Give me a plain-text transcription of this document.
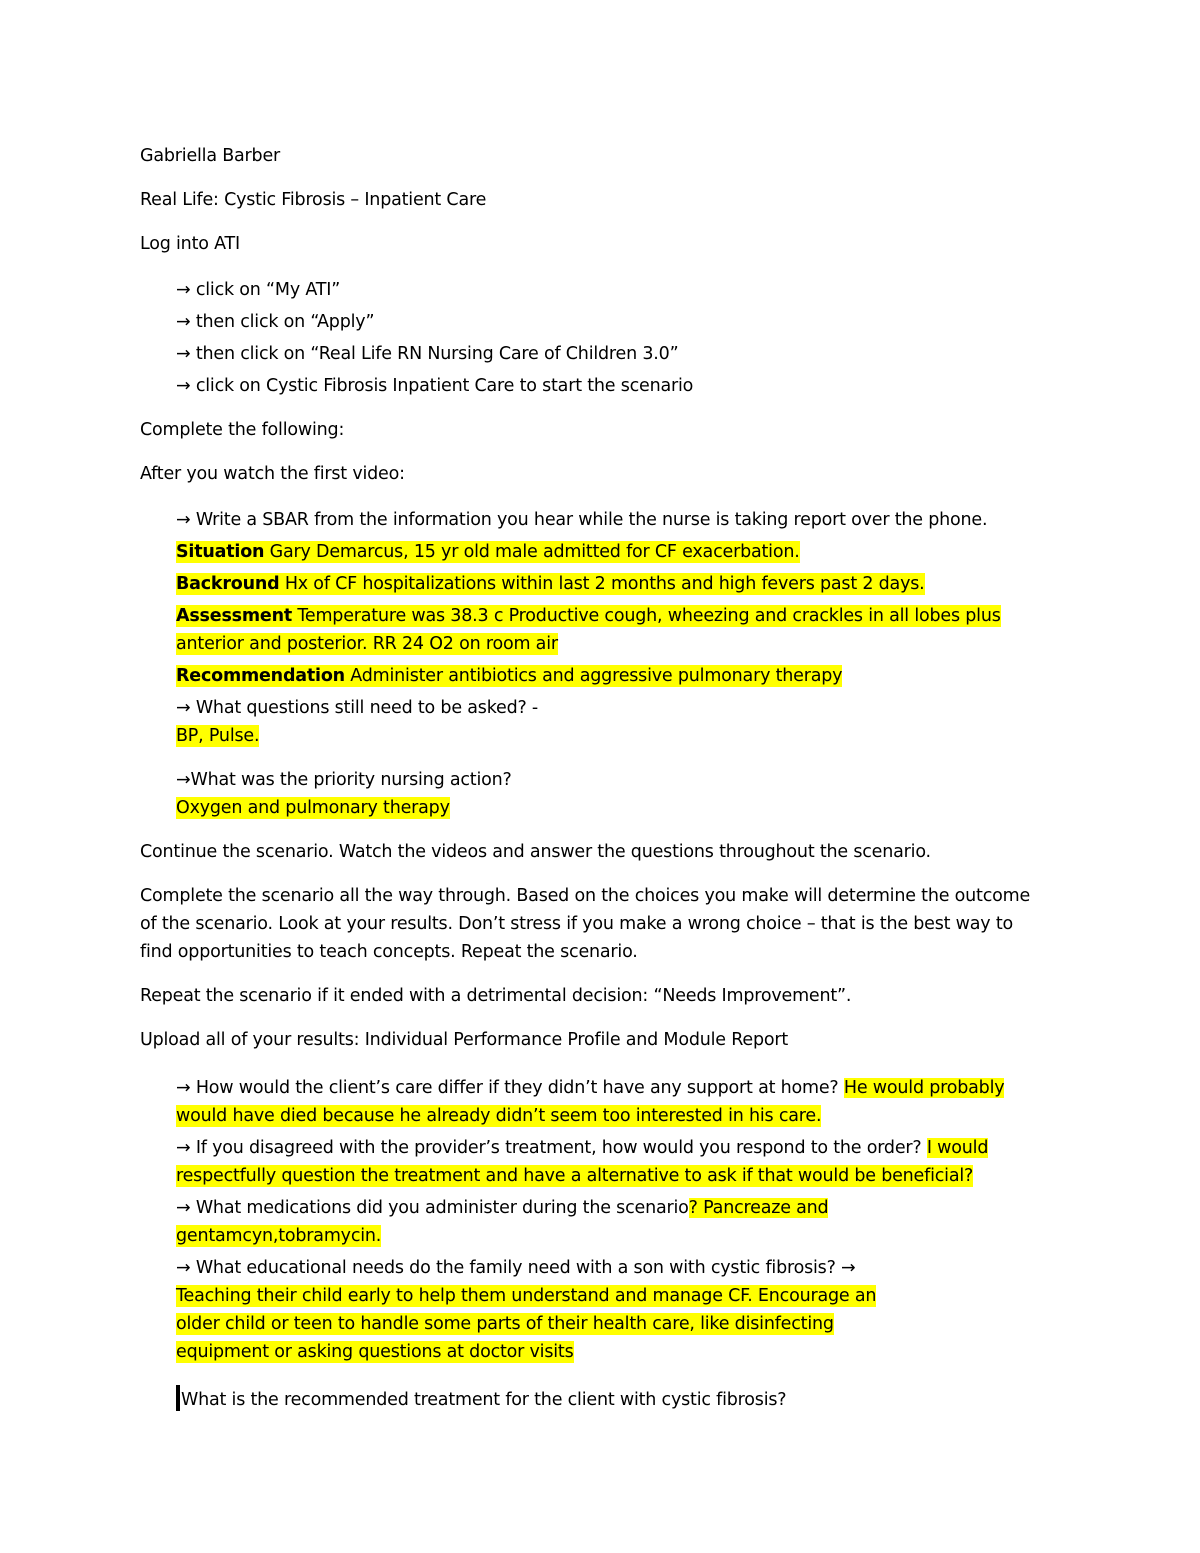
Gabriella Barber
Real Life: Cystic Fibrosis – Inpatient Care
Log into ATI
→ click on “My ATI”
→ then click on “Apply”
→ then click on “Real Life RN Nursing Care of Children 3.0”
→ click on Cystic Fibrosis Inpatient Care to start the scenario
Complete the following:
After you watch the first video:
→ Write a SBAR from the information you hear while the nurse is taking report over the phone.
Situation Gary Demarcus, 15 yr old male admitted for CF exacerbation.
Backround Hx of CF hospitalizations within last 2 months and high fevers past 2 days.
Assessment Temperature was 38.3 c Productive cough, wheezing and crackles in all lobes plus
anterior and posterior. RR 24 O2 on room air
Recommendation Administer antibiotics and aggressive pulmonary therapy
→ What questions still need to be asked? -
BP, Pulse.
→What was the priority nursing action?
Oxygen and pulmonary therapy
Continue the scenario. Watch the videos and answer the questions throughout the scenario.
Complete the scenario all the way through. Based on the choices you make will determine the outcome
of the scenario. Look at your results. Don’t stress if you make a wrong choice – that is the best way to
find opportunities to teach concepts. Repeat the scenario.
Repeat the scenario if it ended with a detrimental decision: “Needs Improvement”.
Upload all of your results: Individual Performance Profile and Module Report
→ How would the client’s care differ if they didn’t have any support at home? He would probably
would have died because he already didn’t seem too interested in his care.
→ If you disagreed with the provider’s treatment, how would you respond to the order? I would
respectfully question the treatment and have a alternative to ask if that would be beneficial?
→ What medications did you administer during the scenario? Pancreaze and
gentamcyn,tobramycin.
→ What educational needs do the family need with a son with cystic fibrosis? →
Teaching their child early to help them understand and manage CF. Encourage an
older child or teen to handle some parts of their health care, like disinfecting
equipment or asking questions at doctor visits
What is the recommended treatment for the client with cystic fibrosis?
